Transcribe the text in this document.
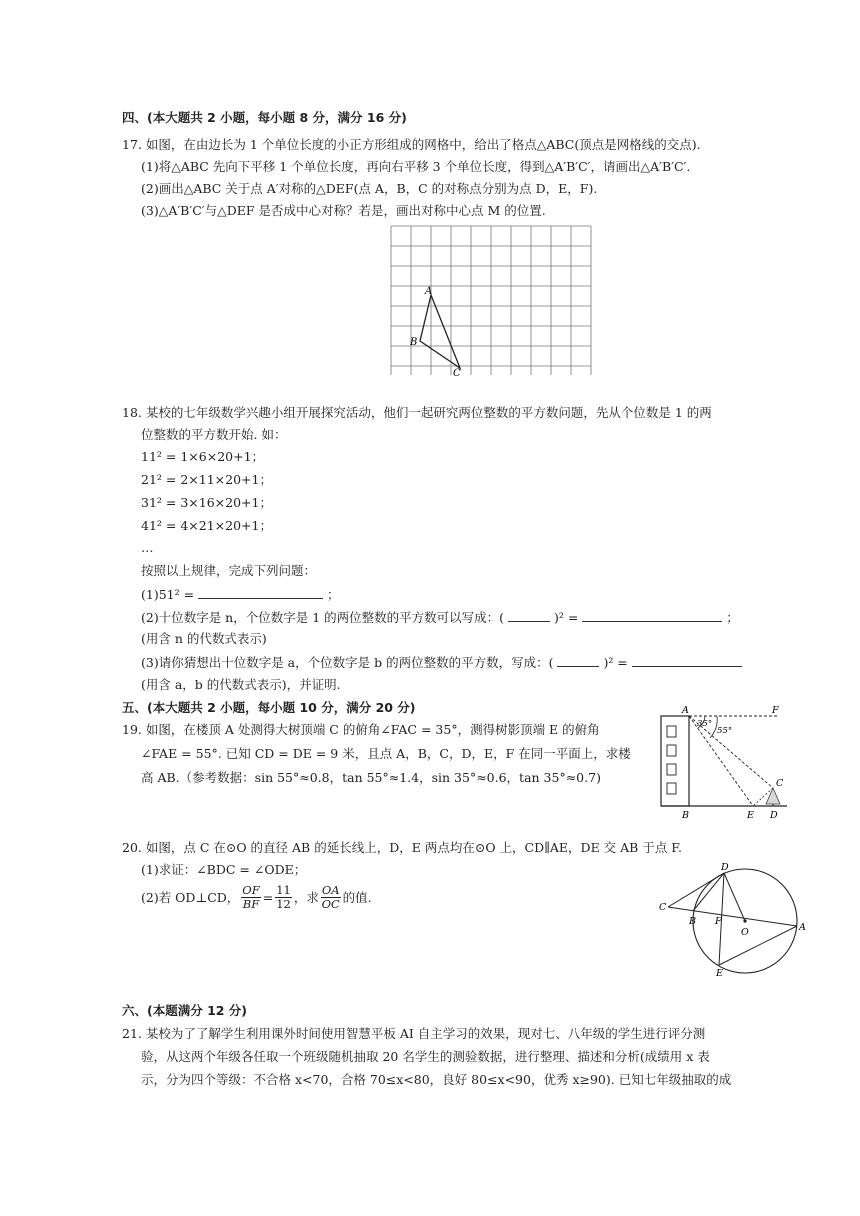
四、(本大题共 2 小题，每小题 8 分，满分 16 分)
17. 如图，在由边长为 1 个单位长度的小正方形组成的网格中，给出了格点△ABC(顶点是网格线的交点).
(1)将△ABC 先向下平移 1 个单位长度，再向右平移 3 个单位长度，得到△A′B′C′，请画出△A′B′C′.
(2)画出△ABC 关于点 A′对称的△DEF(点 A，B，C 的对称点分别为点 D，E，F).
(3)△A′B′C′与△DEF 是否成中心对称？若是，画出对称中心点 M 的位置.
A
B
C
18. 某校的七年级数学兴趣小组开展探究活动，他们一起研究两位整数的平方数问题，先从个位数是 1 的两
位整数的平方数开始. 如：
11² = 1×6×20+1；
21² = 2×11×20+1；
31² = 3×16×20+1；
41² = 4×21×20+1；
…
按照以上规律，完成下列问题：
(1)51² =	；
(2)十位数字是 n，个位数字是 1 的两位整数的平方数可以写成：(	)² =	；
(用含 n 的代数式表示)
(3)请你猜想出十位数字是 a，个位数字是 b 的两位整数的平方数，写成：(	)² =
(用含 a，b 的代数式表示)，并证明.
五、(本大题共 2 小题，每小题 10 分，满分 20 分)
19. 如图，在楼顶 A 处测得大树顶端 C 的俯角∠FAC = 35°，测得树影顶端 E 的俯角
∠FAE = 55°. 已知 CD = DE = 9 米，且点 A，B，C，D，E，F 在同一平面上，求楼
高 AB.（参考数据：sin 55°≈0.8，tan 55°≈1.4，sin 35°≈0.6，tan 35°≈0.7)
A	F
35°
55°
C
B	E D
20. 如图，点 C 在⊙O 的直径 AB 的延长线上，D，E 两点均在⊙O 上，CD∥AE，DE 交 AB 于点 F.
(1)求证：∠BDC = ∠ODE；
(2)若 OD⊥CD， $\frac{OF}{BF} = \frac{11}{12}$ ，求 $\frac{OA}{OC}$ 的值.
C
B F
O	A
D
E
六、(本题满分 12 分)
21. 某校为了了解学生利用课外时间使用智慧平板 AI 自主学习的效果，现对七、八年级的学生进行评分测
验，从这两个年级各任取一个班级随机抽取 20 名学生的测验数据，进行整理、描述和分析(成绩用 x 表
示，分为四个等级：不合格 x<70，合格 70≤x<80，良好 80≤x<90，优秀 x≥90). 已知七年级抽取的成
